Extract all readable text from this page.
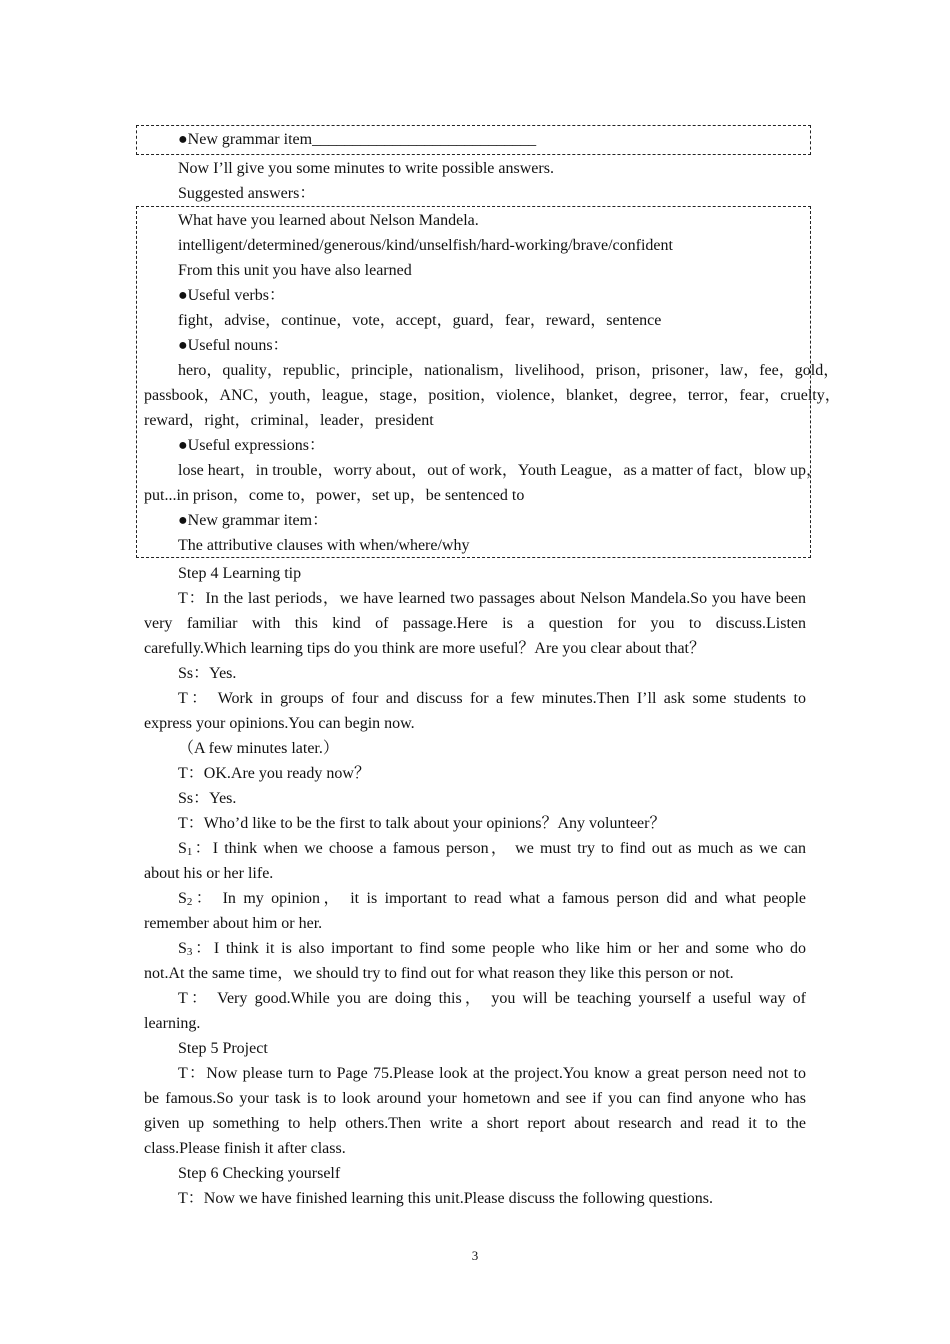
●New grammar item____________________________
Now I’ll give you some minutes to write possible answers.
Suggested answers：
What have you learned about Nelson Mandela.
intelligent/determined/generous/kind/unselfish/hard-working/brave/confident
From this unit you have also learned
●Useful verbs：
fight，advise，continue，vote，accept，guard，fear，reward，sentence
●Useful nouns：
hero，quality，republic，principle，nationalism，livelihood，prison，prisoner，law，fee，gold，
passbook，ANC，youth，league，stage，position，violence，blanket，degree，terror，fear，cruelty，
reward，right，criminal，leader，president
●Useful expressions：
lose heart，in trouble，worry about，out of work，Youth League，as a matter of fact，blow up，
put...in prison，come to，power，set up，be sentenced to
●New grammar item：
The attributive clauses with when/where/why
Step 4 Learning tip
T：In the last periods，we have learned two passages about Nelson Mandela.So you have been
very familiar with this kind of passage.Here is a question for you to discuss.Listen
carefully.Which learning tips do you think are more useful？Are you clear about that？
Ss：Yes.
T： Work in groups of four and discuss for a few minutes.Then I’ll ask some students to
express your opinions.You can begin now.
（A few minutes later.）
T：OK.Are you ready now？
Ss：Yes.
T：Who’d like to be the first to talk about your opinions？Any volunteer？
$S_1$：I think when we choose a famous person， we must try to find out as much as we can
about his or her life.
$S_2$： In my opinion， it is important to read what a famous person did and what people
remember about him or her.
$S_3$：I think it is also important to find some people who like him or her and some who do
not.At the same time，we should try to find out for what reason they like this person or not.
T： Very good.While you are doing this， you will be teaching yourself a useful way of
learning.
Step 5 Project
T：Now please turn to Page 75.Please look at the project.You know a great person need not to
be famous.So your task is to look around your hometown and see if you can find anyone who has
given up something to help others.Then write a short report about research and read it to the
class.Please finish it after class.
Step 6 Checking yourself
T：Now we have finished learning this unit.Please discuss the following questions.
3
